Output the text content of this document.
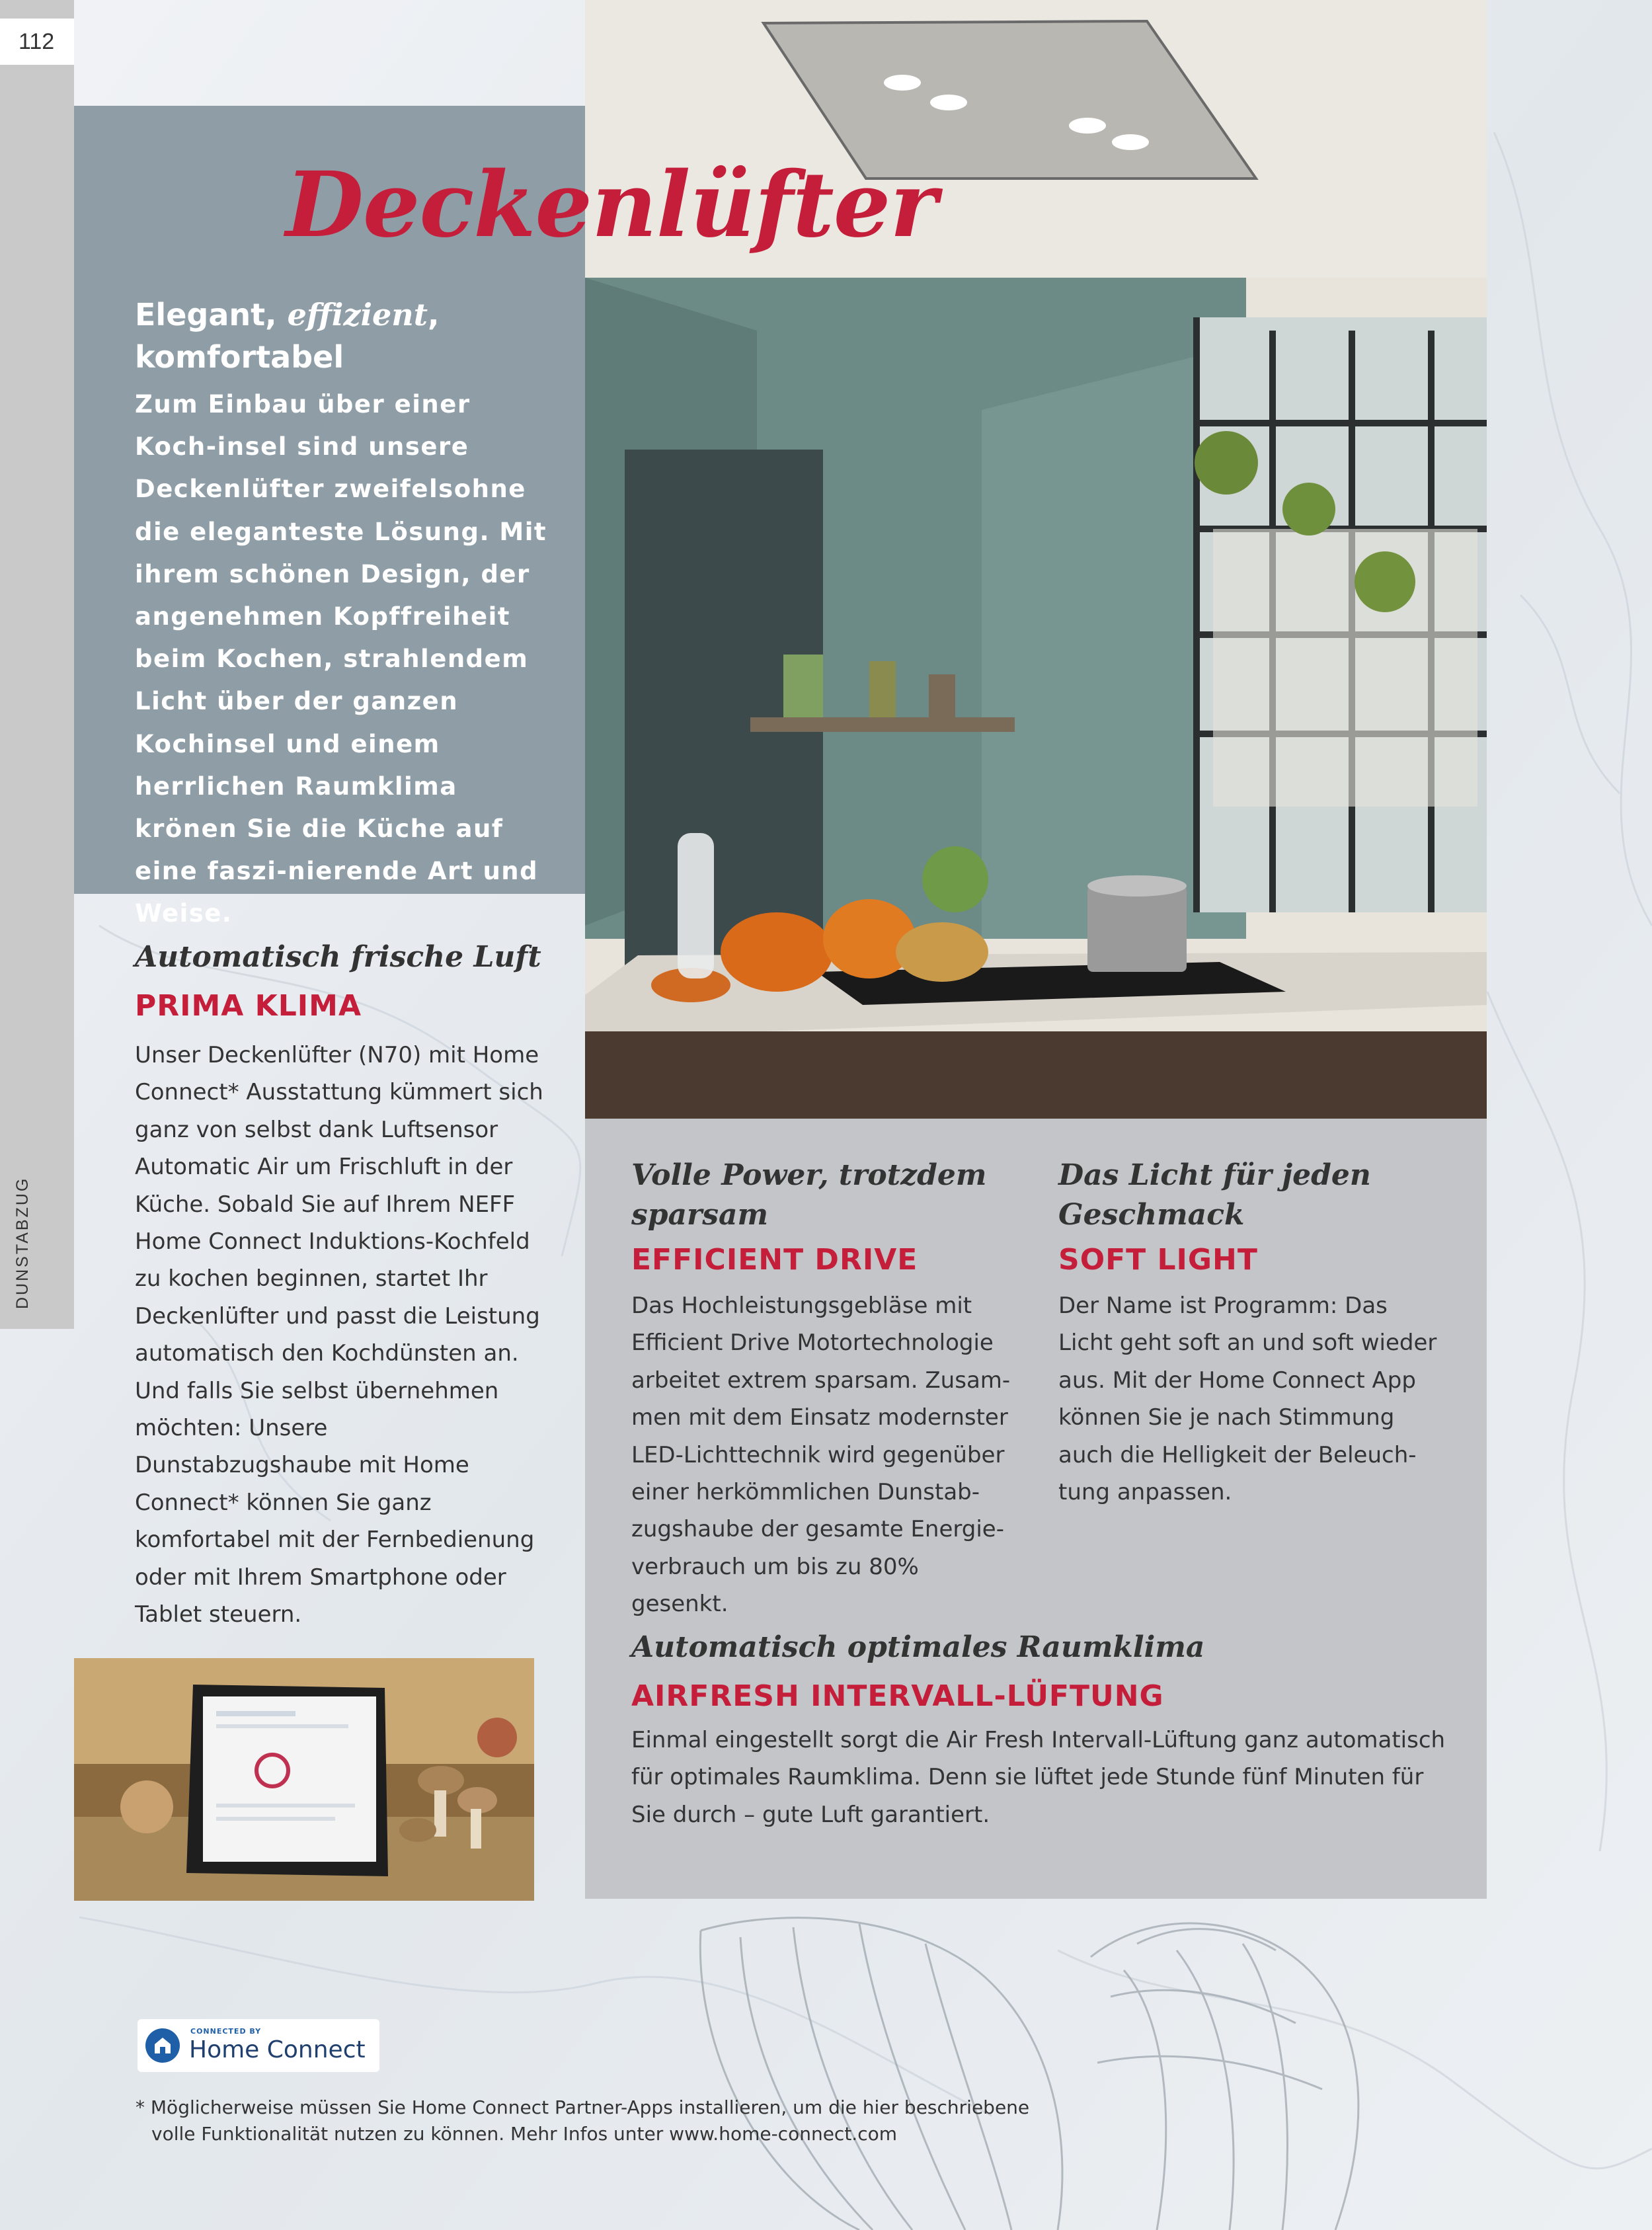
112
DUNSTABZUG
Deckenlüfter
Elegant, effizient,
komfortabel
Zum Einbau über einer Koch-insel sind unsere Deckenlüfter zweifelsohne die eleganteste Lösung. Mit ihrem schönen Design, der angenehmen Kopffreiheit beim Kochen, strahlendem Licht über der ganzen Kochinsel und einem herrlichen Raumklima krönen Sie die Küche auf eine faszi-nierende Art und Weise.
Automatisch frische Luft
PRIMA KLIMA
Unser Deckenlüfter (N70) mit Home Connect* Ausstattung kümmert sich ganz von selbst dank Luftsensor Automatic Air um Frischluft in der Küche. Sobald Sie auf Ihrem NEFF Home Connect Induktions-Kochfeld zu kochen beginnen, startet Ihr Deckenlüfter und passt die Leistung automatisch den Kochdünsten an. Und falls Sie selbst übernehmen möchten: Unsere Dunstabzugshaube mit Home Connect* können Sie ganz komfortabel mit der Fernbedienung oder mit Ihrem Smartphone oder Tablet steuern.
Volle Power, trotzdem sparsam
EFFICIENT DRIVE
Das Hochleistungsgebläse mit Efficient Drive Motortechnologie arbeitet extrem sparsam. Zusam-men mit dem Einsatz modernster LED-Lichttechnik wird gegenüber einer herkömmlichen Dunstab-zugshaube der gesamte Energie-verbrauch um bis zu 80% gesenkt.
Das Licht für jeden Geschmack
SOFT LIGHT
Der Name ist Programm: Das Licht geht soft an und soft wieder aus. Mit der Home Connect App können Sie je nach Stimmung auch die Helligkeit der Beleuch-tung anpassen.
Automatisch optimales Raumklima
AIRFRESH INTERVALL-LÜFTUNG
Einmal eingestellt sorgt die Air Fresh Intervall-Lüftung ganz automatisch für optimales Raumklima. Denn sie lüftet jede Stunde fünf Minuten für Sie durch – gute Luft garantiert.
CONNECTED BY
Home Connect
* Möglicherweise müssen Sie Home Connect Partner-Apps installieren, um die hier beschriebene
volle Funktionalität nutzen zu können. Mehr Infos unter www.home-connect.com
